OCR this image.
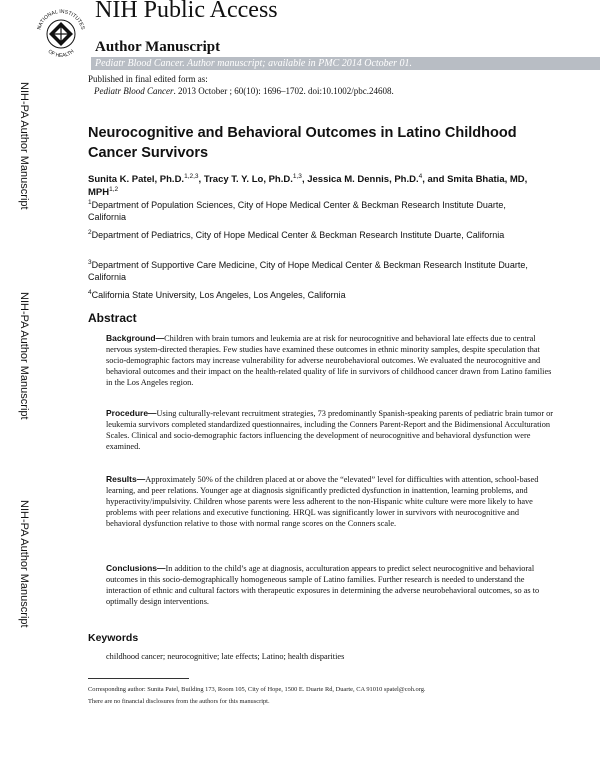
NATIONAL INSTITUTES
OF HEALTH
NIH Public Access
Author Manuscript
Pediatr Blood Cancer. Author manuscript; available in PMC 2014 October 01.
Published in final edited form as:
Pediatr Blood Cancer. 2013 October ; 60(10): 1696–1702. doi:10.1002/pbc.24608.
NIH-PA Author Manuscript
NIH-PA Author Manuscript
NIH-PA Author Manuscript
Neurocognitive and Behavioral Outcomes in Latino Childhood Cancer Survivors
Sunita K. Patel, Ph.D.$^{1,2,3}$, Tracy T. Y. Lo, Ph.D.$^{1,3}$, Jessica M. Dennis, Ph.D.$^4$, and Smita Bhatia, MD, MPH$^{1,2}$
$^1$Department of Population Sciences, City of Hope Medical Center & Beckman Research Institute Duarte, California
$^2$Department of Pediatrics, City of Hope Medical Center & Beckman Research Institute Duarte, California
$^3$Department of Supportive Care Medicine, City of Hope Medical Center & Beckman Research Institute Duarte, California
$^4$California State University, Los Angeles, Los Angeles, California
Abstract
Background—Children with brain tumors and leukemia are at risk for neurocognitive and behavioral late effects due to central nervous system-directed therapies. Few studies have examined these outcomes in ethnic minority samples, despite speculation that socio-demographic factors may increase vulnerability for adverse neurobehavioral outcomes. We evaluated the neurocognitive and behavioral outcomes and their impact on the health-related quality of life in survivors of childhood cancer drawn from Latino families in the Los Angeles region.
Procedure—Using culturally-relevant recruitment strategies, 73 predominantly Spanish-speaking parents of pediatric brain tumor or leukemia survivors completed standardized questionnaires, including the Conners Parent-Report and the Bidimensional Acculturation Scales. Clinical and socio-demographic factors influencing the development of neurocognitive and behavioral dysfunction were examined.
Results—Approximately 50% of the children placed at or above the “elevated” level for difficulties with attention, school-based learning, and peer relations. Younger age at diagnosis significantly predicted dysfunction in inattention, learning problems, and hyperactivity/impulsivity. Children whose parents were less adherent to the non-Hispanic white culture were more likely to have problems with peer relations and executive functioning. HRQL was significantly lower in survivors with neurocognitive and behavioral dysfunction relative to those with normal range scores on the Conners scale.
Conclusions—In addition to the child’s age at diagnosis, acculturation appears to predict select neurocognitive and behavioral outcomes in this socio-demographically homogeneous sample of Latino families. Further research is needed to understand the interaction of ethnic and cultural factors with therapeutic exposures in determining the adverse neurobehavioral outcomes, so as to optimally design interventions.
Keywords
childhood cancer; neurocognitive; late effects; Latino; health disparities
Corresponding author: Sunita Patel, Building 173, Room 105, City of Hope, 1500 E. Duarte Rd, Duarte, CA 91010 spatel@coh.org.
There are no financial disclosures from the authors for this manuscript.
